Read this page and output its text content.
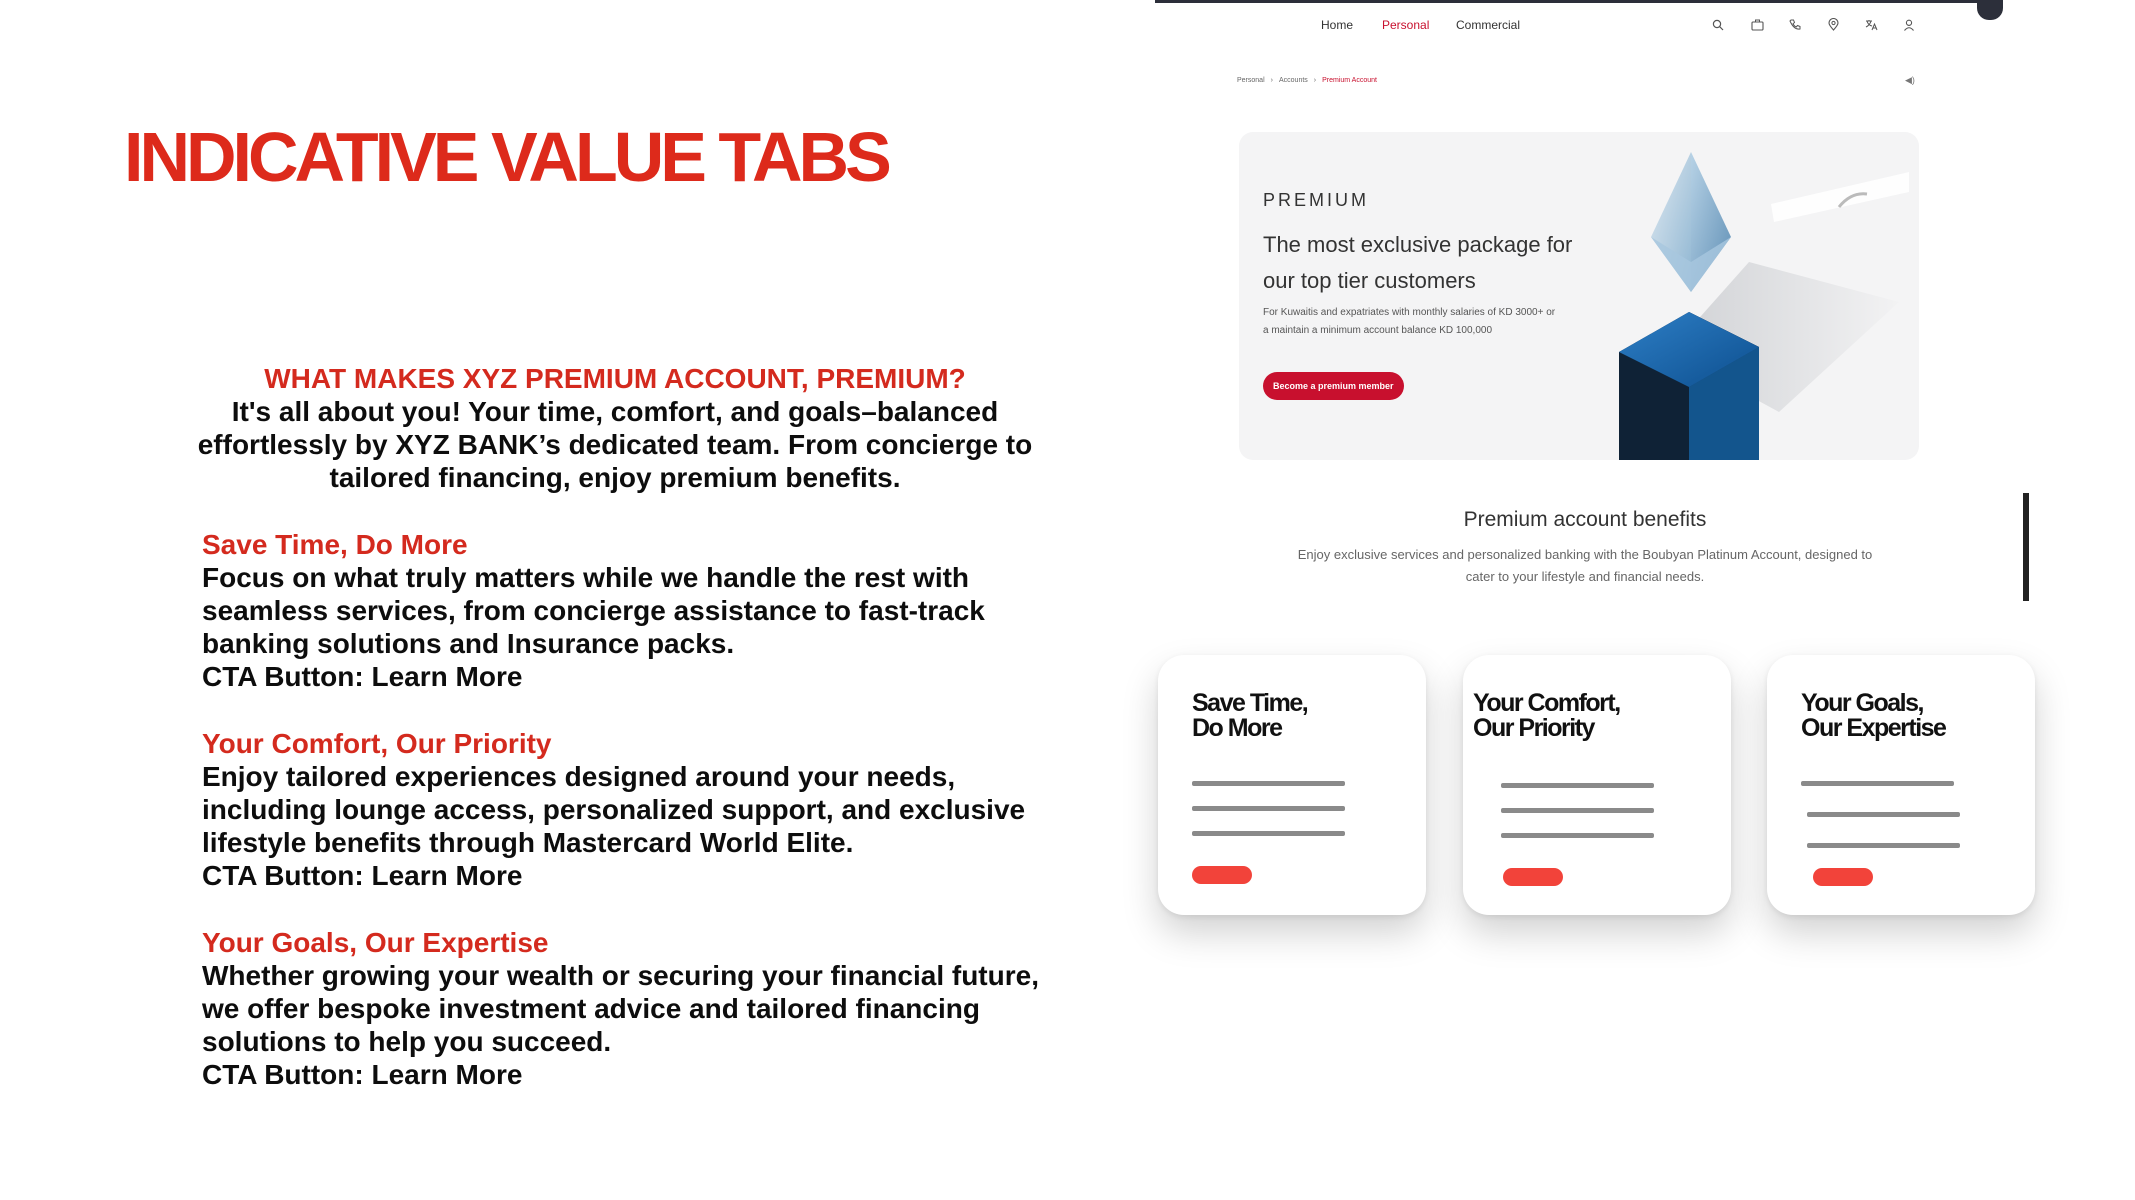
INDICATIVE VALUE TABS
WHAT MAKES XYZ PREMIUM ACCOUNT, PREMIUM?
It's all about you! Your time, comfort, and goals–balanced effortlessly by XYZ BANK’s dedicated team. From concierge to tailored financing, enjoy premium benefits.
Save Time, Do More
Focus on what truly matters while we handle the rest with seamless services, from concierge assistance to fast-track banking solutions and Insurance packs.
CTA Button: Learn More
Your Comfort, Our Priority
Enjoy tailored experiences designed around your needs, including lounge access, personalized support, and exclusive lifestyle benefits through Mastercard World Elite.
CTA Button: Learn More
Your Goals, Our Expertise
Whether growing your wealth or securing your financial future, we offer bespoke investment advice and tailored financing solutions to help you succeed.
CTA Button: Learn More
Home Personal Commercial
Personal › Accounts › Premium Account	◀)
PREMIUM
The most exclusive package for our top tier customers
For Kuwaitis and expatriates with monthly salaries of KD 3000+ or a maintain a minimum account balance KD 100,000
Become a premium member
Premium account benefits
Enjoy exclusive services and personalized banking with the Boubyan Platinum Account, designed to cater to your lifestyle and financial needs.
Save Time,
Do More
Your Comfort,
Our Priority
Your Goals,
Our Expertise
